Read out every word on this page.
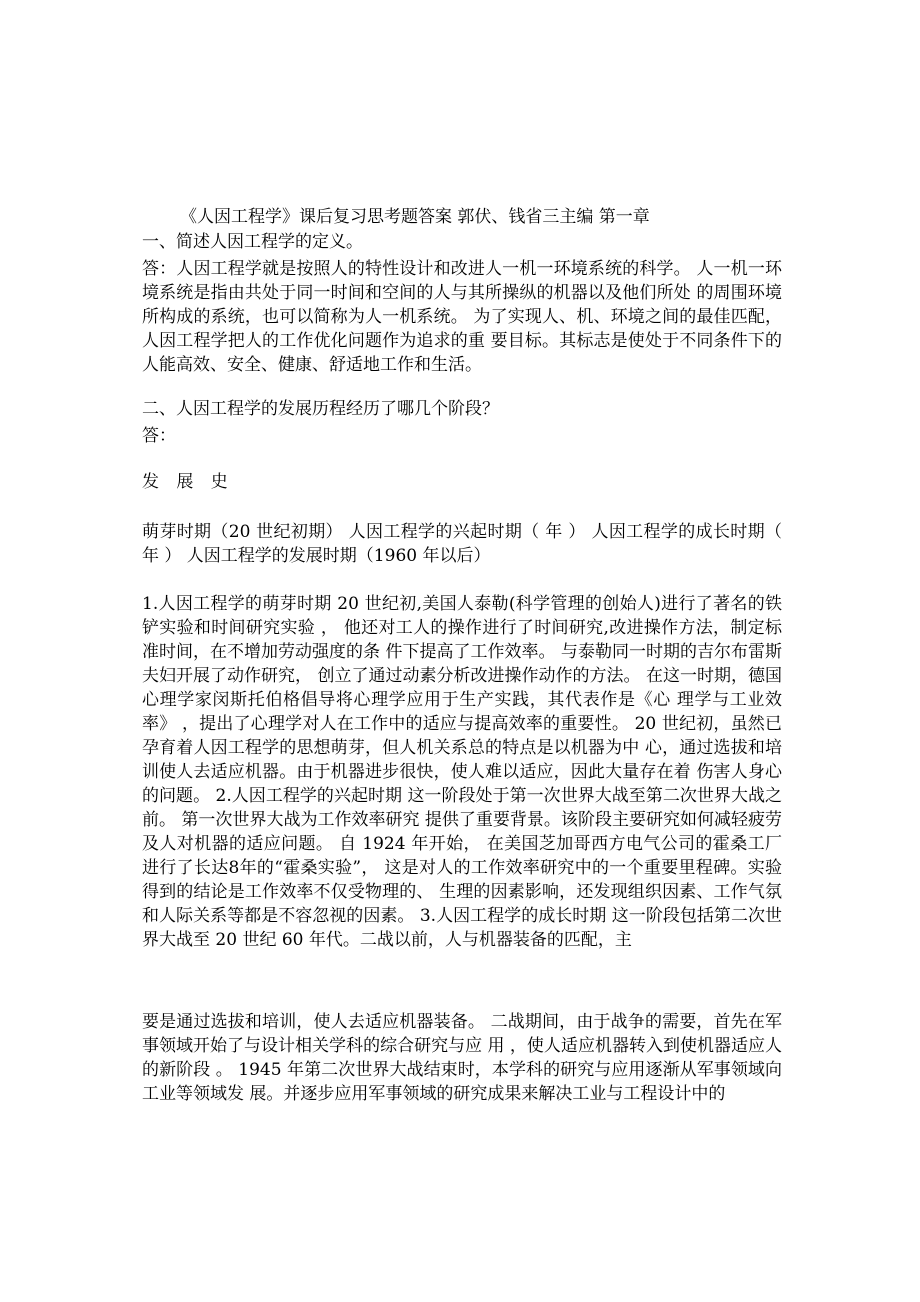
《人因工程学》课后复习思考题答案 郭伏、钱省三主编 第一章

一、简述人因工程学的定义。

答：人因工程学就是按照人的特性设计和改进人一机一环境系统的科学。 人一机一环境系统是指由共处于同一时间和空间的人与其所操纵的机器以及他们所处 的周围环境所构成的系统，也可以简称为人一机系统。 为了实现人、机、环境之间的最佳匹配，人因工程学把人的工作优化问题作为追求的重 要目标。其标志是使处于不同条件下的人能高效、安全、健康、舒适地工作和生活。

二、人因工程学的发展历程经历了哪几个阶段？

答：

发 展 史

萌芽时期（20 世纪初期） 人因工程学的兴起时期（ 年 ） 人因工程学的成长时期（ 年 ） 人因工程学的发展时期（1960 年以后）

1.人因工程学的萌芽时期 20 世纪初,美国人泰勒(科学管理的创始人)进行了著名的铁铲实验和时间研究实验 ， 他还对工人的操作进行了时间研究,改进操作方法，制定标准时间，在不增加劳动强度的条 件下提高了工作效率。 与泰勒同一时期的吉尔布雷斯夫妇开展了动作研究， 创立了通过动素分析改进操作动作的方法。 在这一时期，德国心理学家闵斯托伯格倡导将心理学应用于生产实践，其代表作是《心 理学与工业效率》 ，提出了心理学对人在工作中的适应与提高效率的重要性。 20 世纪初，虽然已孕育着人因工程学的思想萌芽，但人机关系总的特点是以机器为中 心，通过选拔和培训使人去适应机器。由于机器进步很快，使人难以适应，因此大量存在着 伤害人身心的问题。 2.人因工程学的兴起时期 这一阶段处于第一次世界大战至第二次世界大战之前。 第一次世界大战为工作效率研究 提供了重要背景。该阶段主要研究如何减轻疲劳及人对机器的适应问题。 自 1924 年开始， 在美国芝加哥西方电气公司的霍桑工厂进行了长达8年的“霍桑实验”， 这是对人的工作效率研究中的一个重要里程碑。实验得到的结论是工作效率不仅受物理的、 生理的因素影响，还发现组织因素、工作气氛和人际关系等都是不容忽视的因素。 3.人因工程学的成长时期 这一阶段包括第二次世界大战至 20 世纪 60 年代。二战以前，人与机器装备的匹配，主

要是通过选拔和培训，使人去适应机器装备。 二战期间，由于战争的需要，首先在军事领域开始了与设计相关学科的综合研究与应 用 ，使人适应机器转入到使机器适应人的新阶段 。 1945 年第二次世界大战结束时，本学科的研究与应用逐渐从军事领域向工业等领域发 展。并逐步应用军事领域的研究成果来解决工业与工程设计中的
